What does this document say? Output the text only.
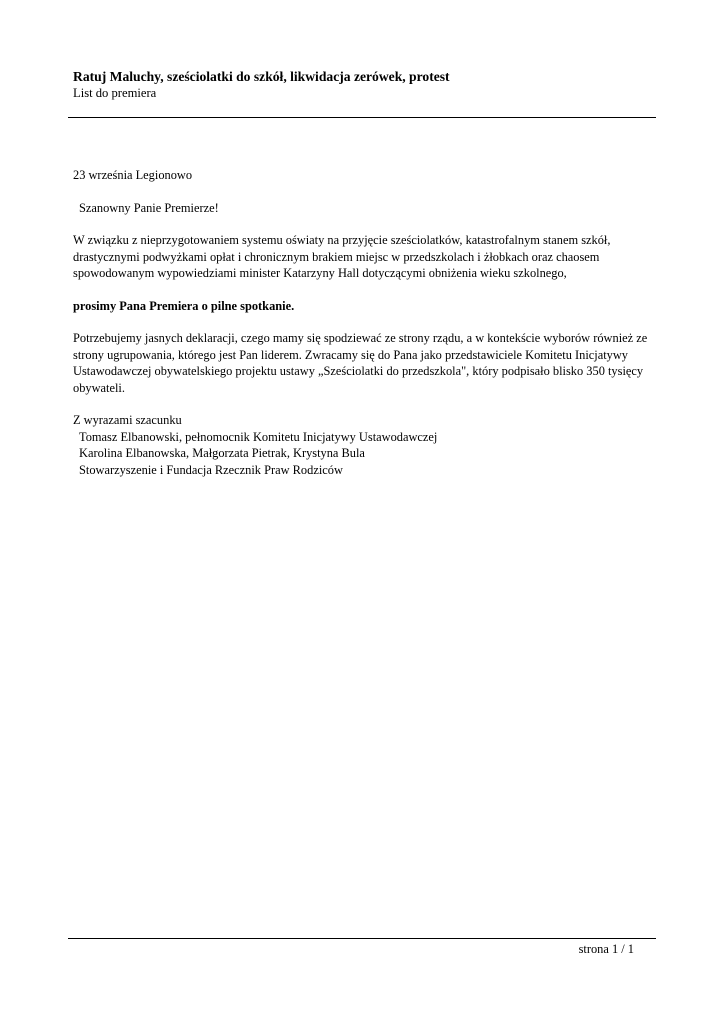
Ratuj Maluchy, sześciolatki do szkół, likwidacja zerówek, protest

List do premiera

23 września Legionowo

Szanowny Panie Premierze!

W związku z nieprzygotowaniem systemu oświaty na przyjęcie sześciolatków, katastrofalnym stanem szkół, drastycznymi podwyżkami opłat i chronicznym brakiem miejsc w przedszkolach i żłobkach oraz chaosem spowodowanym wypowiedziami minister Katarzyny Hall dotyczącymi obniżenia wieku szkolnego,

prosimy Pana Premiera o pilne spotkanie.

Potrzebujemy jasnych deklaracji, czego mamy się spodziewać ze strony rządu, a w kontekście wyborów również ze strony ugrupowania, którego jest Pan liderem. Zwracamy się do Pana jako przedstawiciele Komitetu Inicjatywy Ustawodawczej obywatelskiego projektu ustawy „Sześciolatki do przedszkola", który podpisało blisko 350 tysięcy obywateli.

Z wyrazami szacunku

Tomasz Elbanowski, pełnomocnik Komitetu Inicjatywy Ustawodawczej

Karolina Elbanowska, Małgorzata Pietrak, Krystyna Bula

Stowarzyszenie i Fundacja Rzecznik Praw Rodziców

strona 1 / 1
